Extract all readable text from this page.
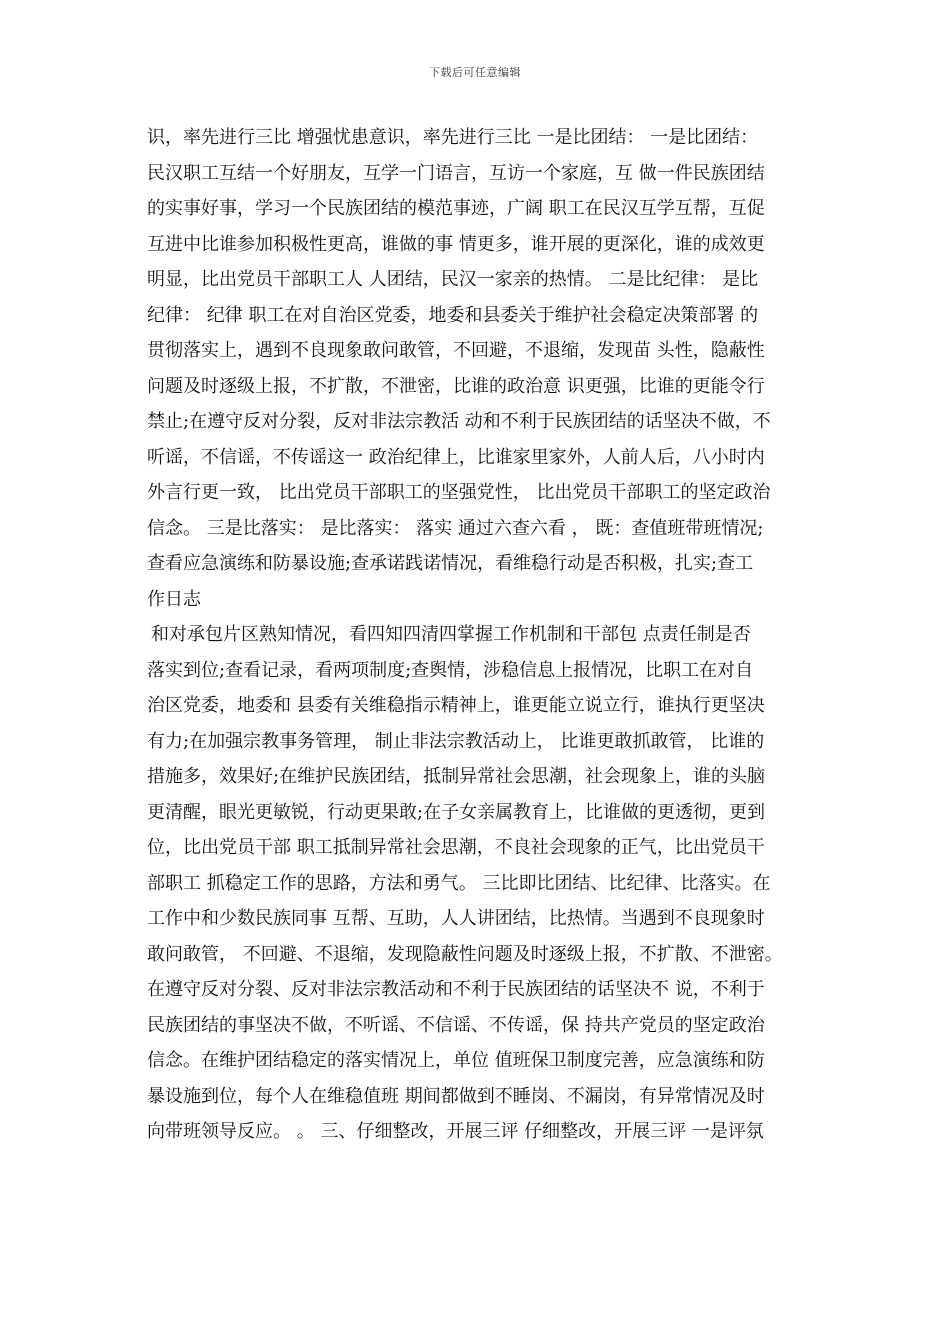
下载后可任意编辑
识，率先进行三比 增强忧患意识，率先进行三比 一是比团结： 一是比团结：
民汉职工互结一个好朋友，互学一门语言，互访一个家庭，互 做一件民族团结
的实事好事，学习一个民族团结的模范事迹，广阔 职工在民汉互学互帮，互促
互进中比谁参加积极性更高，谁做的事 情更多，谁开展的更深化，谁的成效更
明显，比出党员干部职工人 人团结，民汉一家亲的热情。 二是比纪律： 是比
纪律： 纪律 职工在对自治区党委，地委和县委关于维护社会稳定决策部署 的
贯彻落实上，遇到不良现象敢问敢管，不回避，不退缩，发现苗 头性，隐蔽性
问题及时逐级上报，不扩散，不泄密，比谁的政治意 识更强，比谁的更能令行
禁止;在遵守反对分裂，反对非法宗教活 动和不利于民族团结的话坚决不做，不
听谣，不信谣，不传谣这一 政治纪律上，比谁家里家外，人前人后，八小时内
外言行更一致， 比出党员干部职工的坚强党性， 比出党员干部职工的坚定政治
信念。 三是比落实： 是比落实： 落实 通过六查六看 ， 既：查值班带班情况;
查看应急演练和防暴设施;查承诺践诺情况，看维稳行动是否积极，扎实;查工
作日志
和对承包片区熟知情况，看四知四清四掌握工作机制和干部包 点责任制是否
落实到位;查看记录，看两项制度;查舆情，涉稳信息上报情况，比职工在对自
治区党委，地委和 县委有关维稳指示精神上，谁更能立说立行，谁执行更坚决
有力;在加强宗教事务管理， 制止非法宗教活动上， 比谁更敢抓敢管， 比谁的
措施多，效果好;在维护民族团结，抵制异常社会思潮，社会现象上，谁的头脑
更清醒，眼光更敏锐，行动更果敢;在子女亲属教育上，比谁做的更透彻，更到
位，比出党员干部 职工抵制异常社会思潮，不良社会现象的正气，比出党员干
部职工 抓稳定工作的思路，方法和勇气。 三比即比团结、比纪律、比落实。在
工作中和少数民族同事 互帮、互助，人人讲团结，比热情。当遇到不良现象时
敢问敢管， 不回避、不退缩，发现隐蔽性问题及时逐级上报，不扩散、不泄密。
在遵守反对分裂、反对非法宗教活动和不利于民族团结的话坚决不 说，不利于
民族团结的事坚决不做，不听谣、不信谣、不传谣，保 持共产党员的坚定政治
信念。在维护团结稳定的落实情况上，单位 值班保卫制度完善，应急演练和防
暴设施到位，每个人在维稳值班 期间都做到不睡岗、不漏岗，有异常情况及时
向带班领导反应。 。 三、仔细整改，开展三评 仔细整改，开展三评 一是评氛
